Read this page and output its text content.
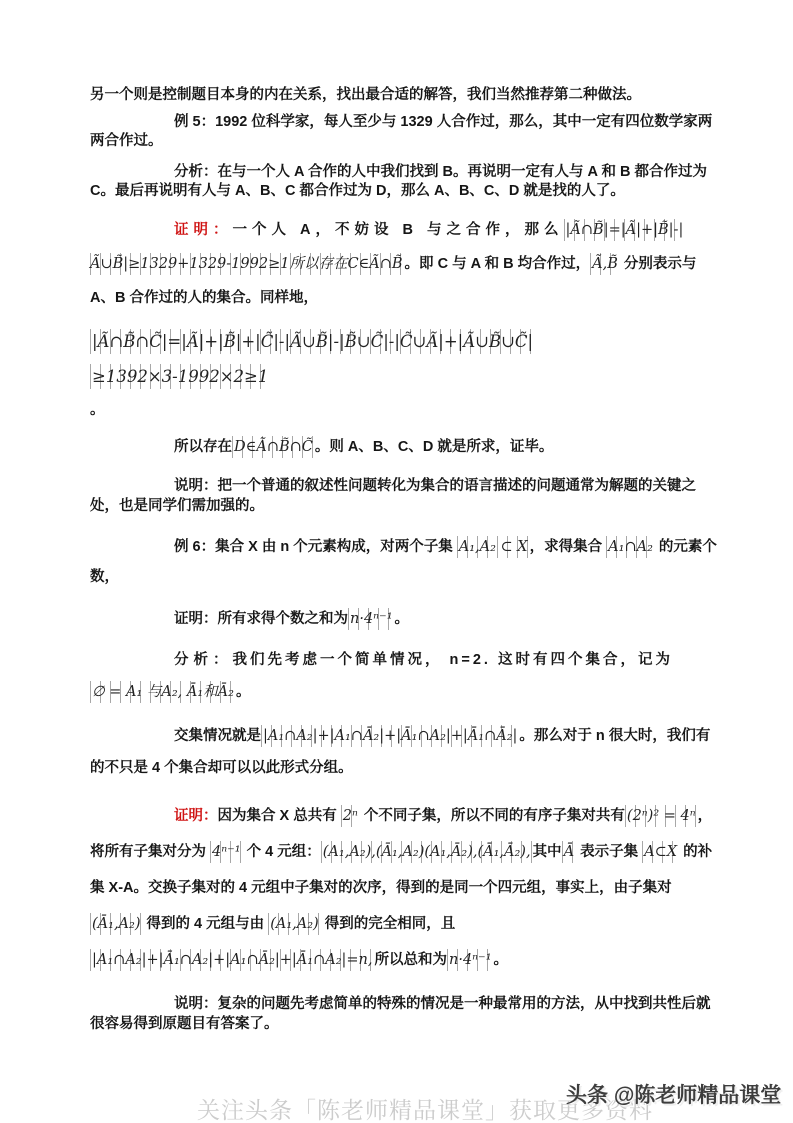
另一个则是控制题目本身的内在关系，找出最合适的解答，我们当然推荐第二种做法。

例 5：1992 位科学家，每人至少与 1329 人合作过，那么，其中一定有四位数学家两两合作过。

分析：在与一个人 A 合作的人中我们找到 B。再说明一定有人与 A 和 B 都合作过为 C。最后再说明有人与 A、B、C 都合作过为 D，那么 A、B、C、D 就是找的人了。

证明：一个人 A，不妨设 B 与之合作，那么 |Ã∩B̃|=|Ã|+|B̃|-|Ã∪B̃|≥1329+1329-1992≥1所以存在C∈Ã∩B̃ 。即 C 与 A 和 B 均合作过， Ã,B̃ 分别表示与 A、B 合作过的人的集合。同样地，

|Ã∩B̃∩C̃|=|Ã|+|B̃|+|C̃|-|Ã∪B̃|-|B̃∪C̃|-|C̃∪Ã|+|Ã∪B̃∪C̃|
≥1392×3-1992×2≥1

。

所以存在 D∈Ã∩B̃∩C̃ 。则 A、B、C、D 就是所求，证毕。

说明：把一个普通的叙述性问题转化为集合的语言描述的问题通常为解题的关键之处，也是同学们需加强的。

例 6：集合 X 由 n 个元素构成，对两个子集 A₁,A₂ ⊂ X ，求得集合 A₁∩A₂ 的元素个数，

证明：所有求得个数之和为 n·4ⁿ⁻¹ 。

分析：我们先考虑一个简单情况， n=2. 这时有四个集合，记为
∅ = A₁ 与A₂, Ā₁和Ā₂ 。

交集情况就是 |A₁∩A₂|+|A₁∩Ā₂|+|Ā₁∩A₂|+|Ā₁∩Ā₂| 。那么对于 n 很大时，我们有的不只是 4 个集合却可以以此形式分组。

证明：因为集合 X 总共有 2ⁿ 个不同子集，所以不同的有序子集对共有 (2ⁿ)² = 4ⁿ ，将所有子集对分为 4ⁿ⁻¹ 个 4 元组： (A₁,A₂),(Ā₁,A₂)(A₁,Ā₂),(Ā₁,Ā₂), 其中 Ā 表示子集 A⊂X 的补集 X-A。交换子集对的 4 元组中子集对的次序，得到的是同一个四元组，事实上，由子集对 (Ā₁,A₂) 得到的 4 元组与由 (A₁,A₂) 得到的完全相同，且
|A₁∩A₂|+|Ā₁∩A₂|+|A₁∩Ā₂|+|Ā₁∩A₂|=n, 所以总和为 n·4ⁿ⁻¹ 。

说明：复杂的问题先考虑简单的特殊的情况是一种最常用的方法，从中找到共性后就很容易得到原题目有答案了。

关注头条「陈老师精品课堂」获取更多资料
头条 @陈老师精品课堂
